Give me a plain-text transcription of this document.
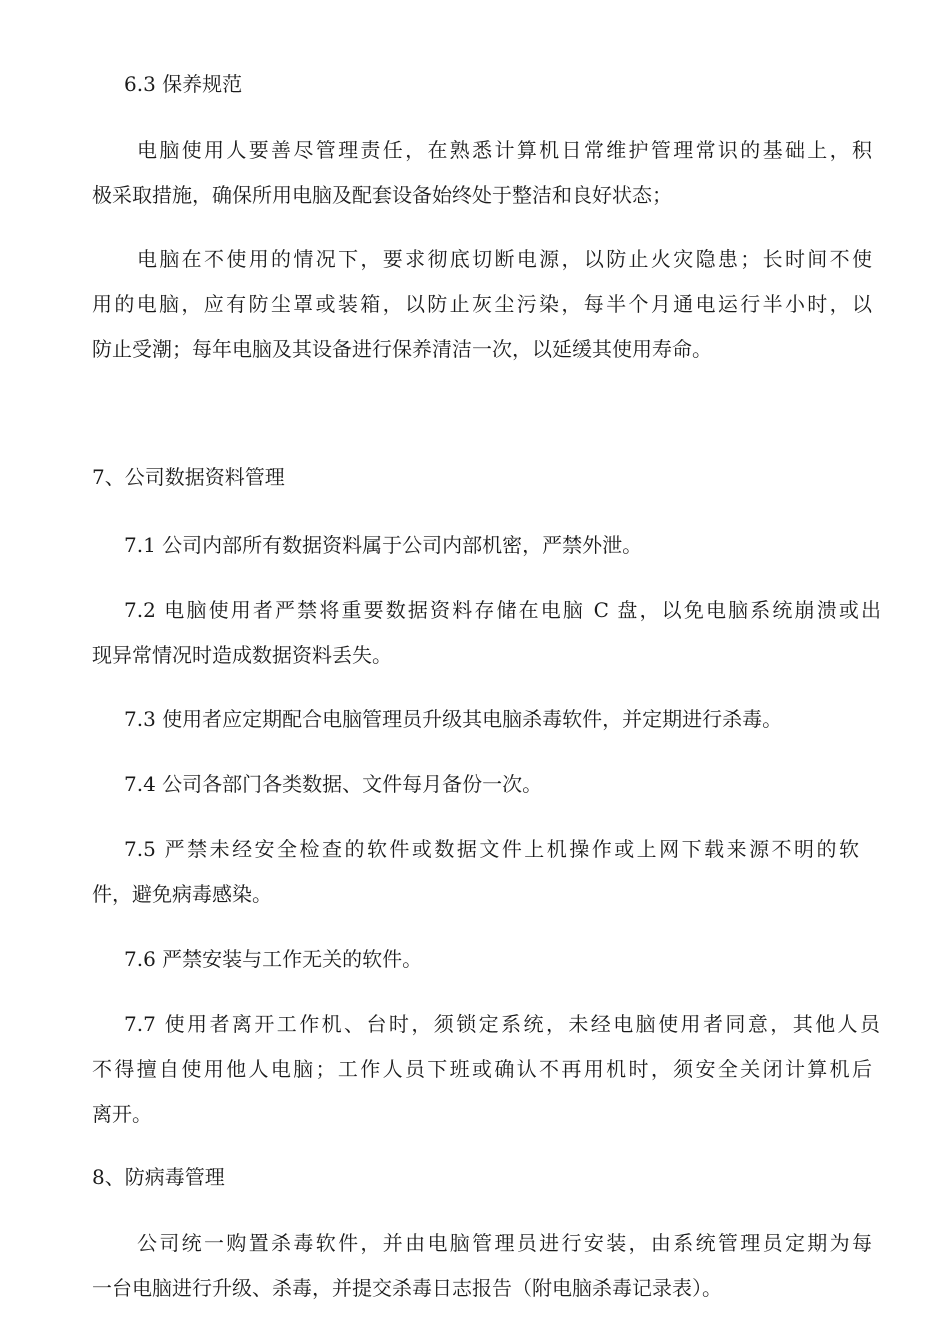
6.3 保养规范
电脑使用人要善尽管理责任，在熟悉计算机日常维护管理常识的基础上，积
极采取措施，确保所用电脑及配套设备始终处于整洁和良好状态；
电脑在不使用的情况下，要求彻底切断电源，以防止火灾隐患；长时间不使
用的电脑，应有防尘罩或装箱，以防止灰尘污染，每半个月通电运行半小时，以
防止受潮；每年电脑及其设备进行保养清洁一次，以延缓其使用寿命。
7、公司数据资料管理
7.1 公司内部所有数据资料属于公司内部机密，严禁外泄。
7.2 电脑使用者严禁将重要数据资料存储在电脑 C 盘，以免电脑系统崩溃或出
现异常情况时造成数据资料丢失。
7.3 使用者应定期配合电脑管理员升级其电脑杀毒软件，并定期进行杀毒。
7.4 公司各部门各类数据、文件每月备份一次。
7.5 严禁未经安全检查的软件或数据文件上机操作或上网下载来源不明的软
件，避免病毒感染。
7.6 严禁安装与工作无关的软件。
7.7 使用者离开工作机、台时，须锁定系统，未经电脑使用者同意，其他人员
不得擅自使用他人电脑；工作人员下班或确认不再用机时，须安全关闭计算机后
离开。
8、防病毒管理
公司统一购置杀毒软件，并由电脑管理员进行安装，由系统管理员定期为每
一台电脑进行升级、杀毒，并提交杀毒日志报告（附电脑杀毒记录表）。
